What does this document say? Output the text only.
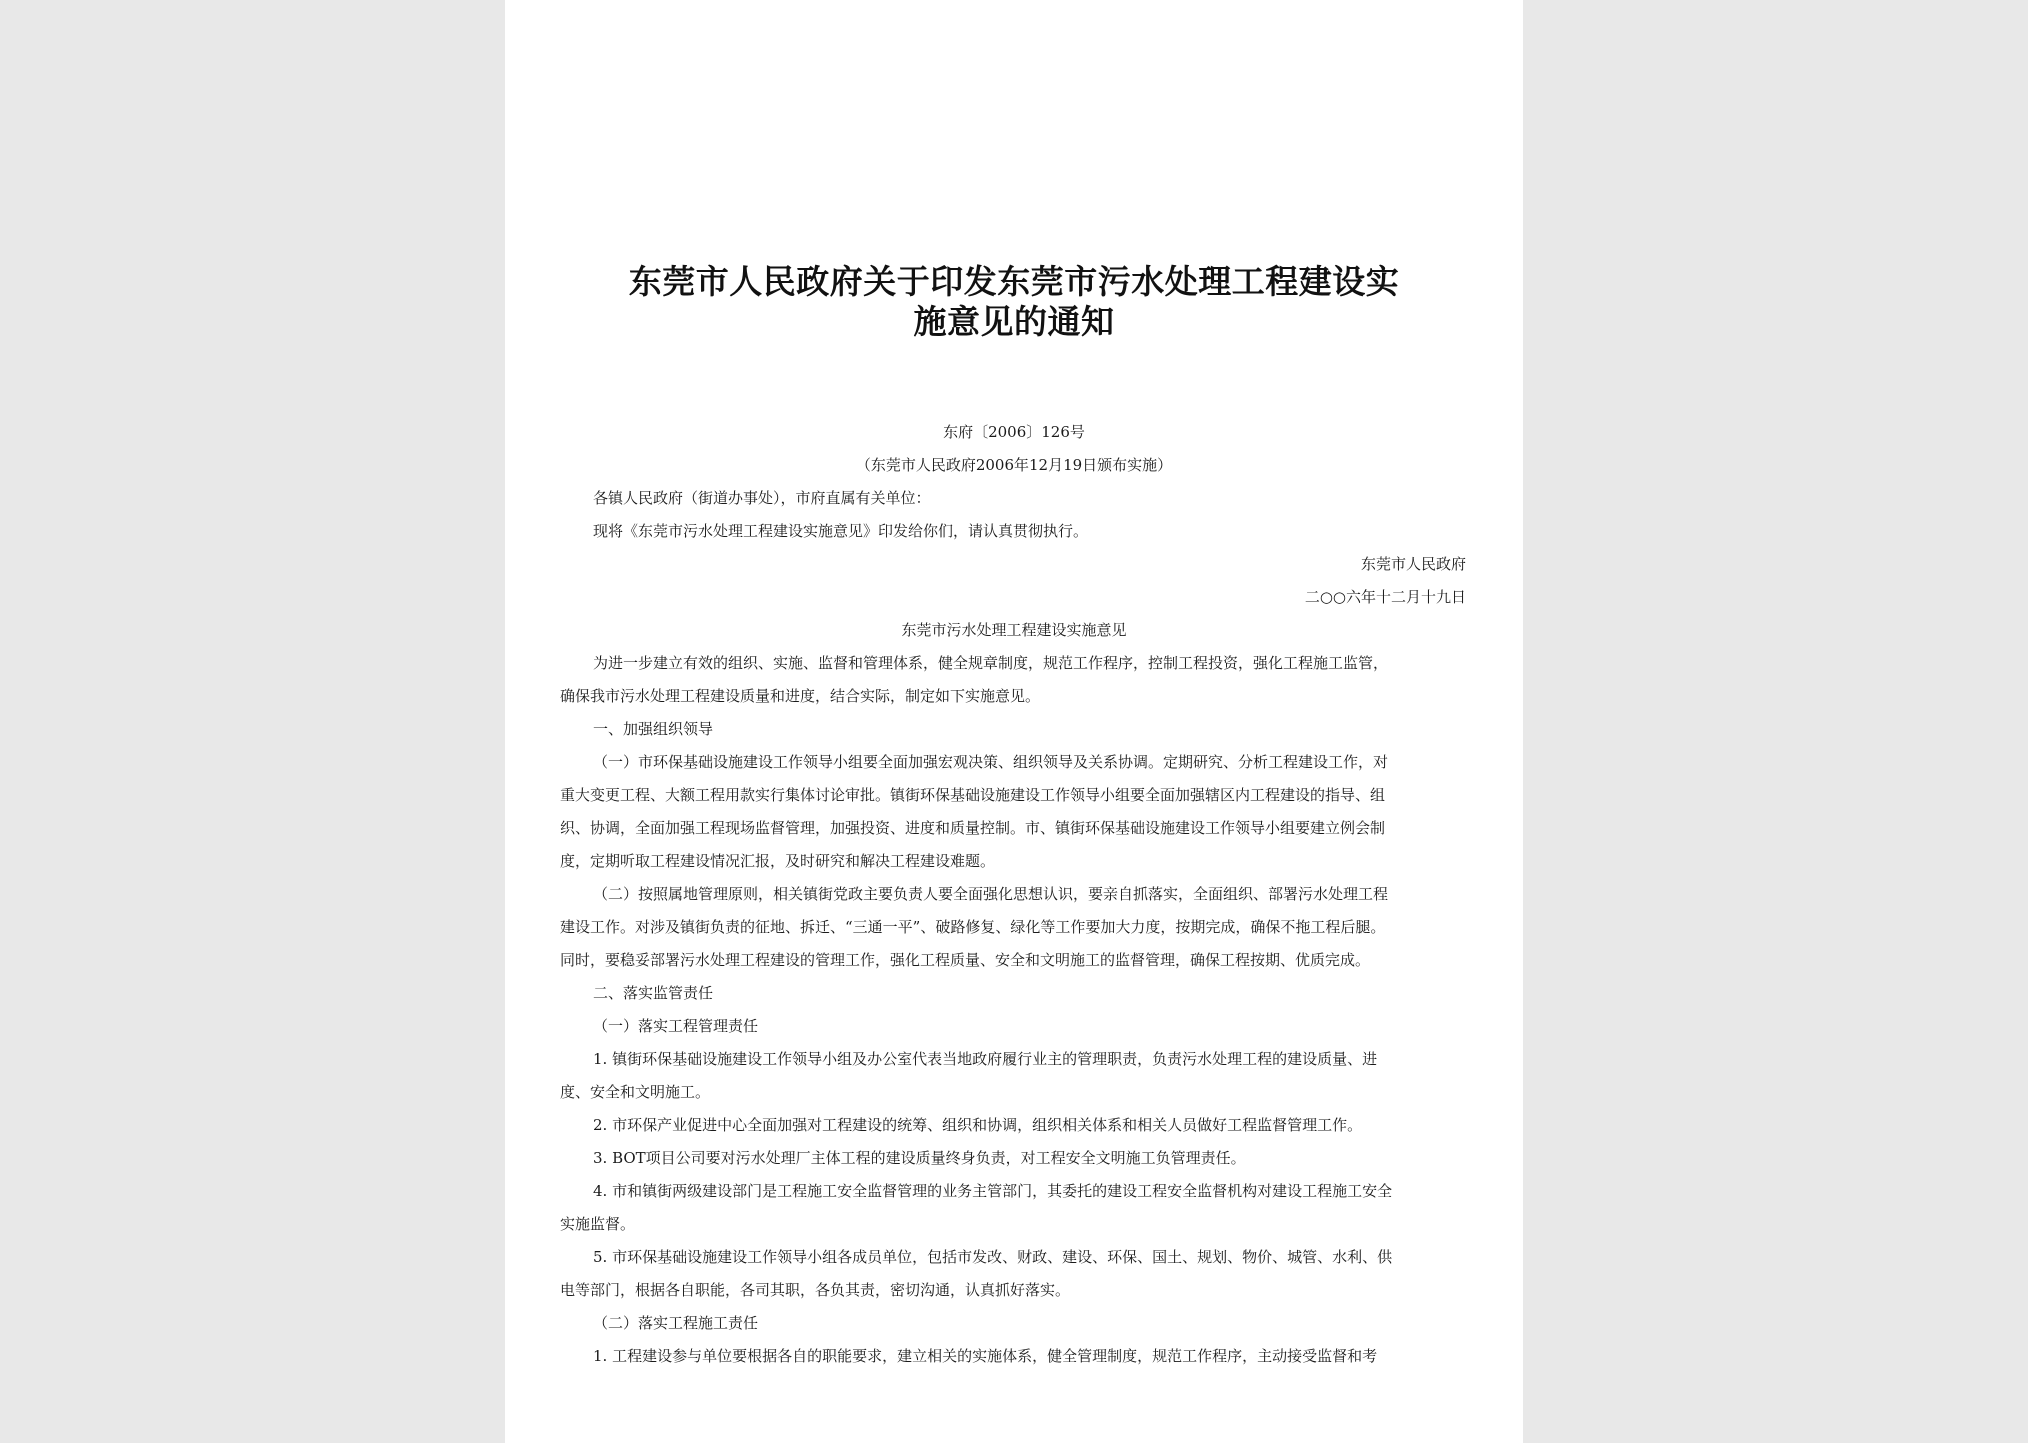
东莞市人民政府关于印发东莞市污水处理工程建设实
施意见的通知
东府〔2006〕126号
（东莞市人民政府2006年12月19日颁布实施）
各镇人民政府（街道办事处），市府直属有关单位：
现将《东莞市污水处理工程建设实施意见》印发给你们，请认真贯彻执行。
东莞市人民政府
二○○六年十二月十九日
东莞市污水处理工程建设实施意见
为进一步建立有效的组织、实施、监督和管理体系，健全规章制度，规范工作程序，控制工程投资，强化工程施工监管，
确保我市污水处理工程建设质量和进度，结合实际，制定如下实施意见。
一、加强组织领导
（一）市环保基础设施建设工作领导小组要全面加强宏观决策、组织领导及关系协调。定期研究、分析工程建设工作，对
重大变更工程、大额工程用款实行集体讨论审批。镇街环保基础设施建设工作领导小组要全面加强辖区内工程建设的指导、组
织、协调，全面加强工程现场监督管理，加强投资、进度和质量控制。市、镇街环保基础设施建设工作领导小组要建立例会制
度，定期听取工程建设情况汇报，及时研究和解决工程建设难题。
（二）按照属地管理原则，相关镇街党政主要负责人要全面强化思想认识，要亲自抓落实，全面组织、部署污水处理工程
建设工作。对涉及镇街负责的征地、拆迁、“三通一平”、破路修复、绿化等工作要加大力度，按期完成，确保不拖工程后腿。
同时，要稳妥部署污水处理工程建设的管理工作，强化工程质量、安全和文明施工的监督管理，确保工程按期、优质完成。
二、落实监管责任
（一）落实工程管理责任
1. 镇街环保基础设施建设工作领导小组及办公室代表当地政府履行业主的管理职责，负责污水处理工程的建设质量、进
度、安全和文明施工。
2. 市环保产业促进中心全面加强对工程建设的统筹、组织和协调，组织相关体系和相关人员做好工程监督管理工作。
3. BOT项目公司要对污水处理厂主体工程的建设质量终身负责，对工程安全文明施工负管理责任。
4. 市和镇街两级建设部门是工程施工安全监督管理的业务主管部门，其委托的建设工程安全监督机构对建设工程施工安全
实施监督。
5. 市环保基础设施建设工作领导小组各成员单位，包括市发改、财政、建设、环保、国土、规划、物价、城管、水利、供
电等部门，根据各自职能，各司其职，各负其责，密切沟通，认真抓好落实。
（二）落实工程施工责任
1. 工程建设参与单位要根据各自的职能要求，建立相关的实施体系，健全管理制度，规范工作程序，主动接受监督和考
